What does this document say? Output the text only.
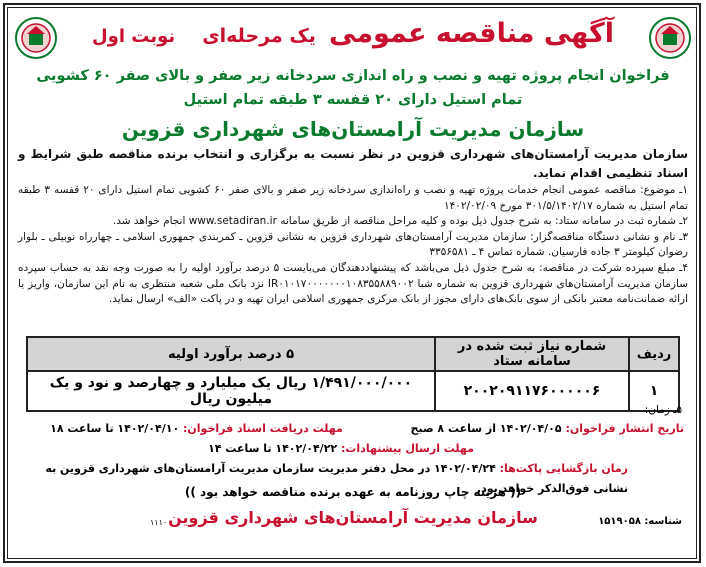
آگهی مناقصه عمومی یک مرحله‌ای نوبت اول
فراخوان انجام پروژه تهیه و نصب و راه اندازی سردخانه زیر صفر و بالای صفر ۶۰ کشویی تمام استیل دارای ۲۰ قفسه ۳ طبقه تمام استیل
سازمان مدیریت آرامستان‌های شهرداری قزوین

سازمان مدیریت آرامستان‌های شهرداری قزوین در نظر نسبت به برگزاری و انتخاب برنده مناقصه طبق شرایط و اسناد تنظیمی اقدام نماید.

۱ـ موضوع: مناقصه عمومی انجام خدمات پروژه تهیه و نصب و راه‌اندازی سردخانه زیر صفر و بالای صفر ۶۰ کشویی تمام استیل دارای ۲۰ قفسه ۳ طبقه تمام استیل به شماره ۳۰۱/۵/۱۴۰۲/۱۷ مورخ ۱۴۰۲/۰۲/۰۹

۲ـ شماره ثبت در سامانه ستاد: به شرح جدول ذیل بوده و کلیه مراحل مناقصه از طریق سامانه www.setadiran.ir انجام خواهد شد.

۳ـ نام و نشانی دستگاه مناقصه‌گزار: سازمان مدیریت آرامستان‌های شهرداری قزوین به نشانی قزوین ـ کمربندی جمهوری اسلامی ـ چهارراه نوبیلی ـ بلوار رضوان کیلومتر ۳ جاده فارسیان. شماره تماس ۴ ـ ۳۳۵۶۵۸۱

۴ـ مبلغ سپرده شرکت در مناقصه: به شرح جدول ذیل می‌باشد که پیشنهاددهندگان می‌بایست ۵ درصد برآورد اولیه را به صورت وجه نقد به حساب سپرده سازمان مدیریت آرامستان‌های شهرداری قزوین به شماره شبا IR۰۱۰۱۷۰۰۰۰۰۰۰۱۰۸۳۵۵۸۸۹۰۰۲ نزد بانک ملی شعبه منتظری به نام این سازمان، واریز یا ارائه ضمانت‌نامه معتبر بانکی از سوی بانک‌های دارای مجوز از بانک مرکزی جمهوری اسلامی ایران تهیه و در پاکت «الف» ارسال نماید.

ردیف	شماره نیاز ثبت شده در سامانه ستاد	۵ درصد برآورد اولیه
۱	۲۰۰۲۰۹۱۱۷۶۰۰۰۰۰۶	۱/۴۹۱/۰۰۰/۰۰۰ ریال یک میلیارد و چهارصد و نود و یک میلیون ریال
۵ـ زمان:
تاریخ انتشار فراخوان: ۱۴۰۲/۰۴/۰۵ از ساعت ۸ صبح  مهلت دریافت اسناد فراخوان: ۱۴۰۲/۰۴/۱۰ تا ساعت ۱۸
مهلت ارسال پیشنهادات: ۱۴۰۲/۰۴/۲۲ تا ساعت ۱۴
زمان بازگشایی پاکت‌ها: ۱۴۰۲/۰۴/۲۴ در محل دفتر مدیریت سازمان مدیریت آرامستان‌های شهرداری قزوین به نشانی فوق‌الذکر خواهد بود.
(( هزینه چاپ روزنامه به عهده برنده مناقصه خواهد بود ))
سازمان مدیریت آرامستان‌های شهرداری قزوین	شناسه: ۱۵۱۹۰۵۸
۱۱۱۰
